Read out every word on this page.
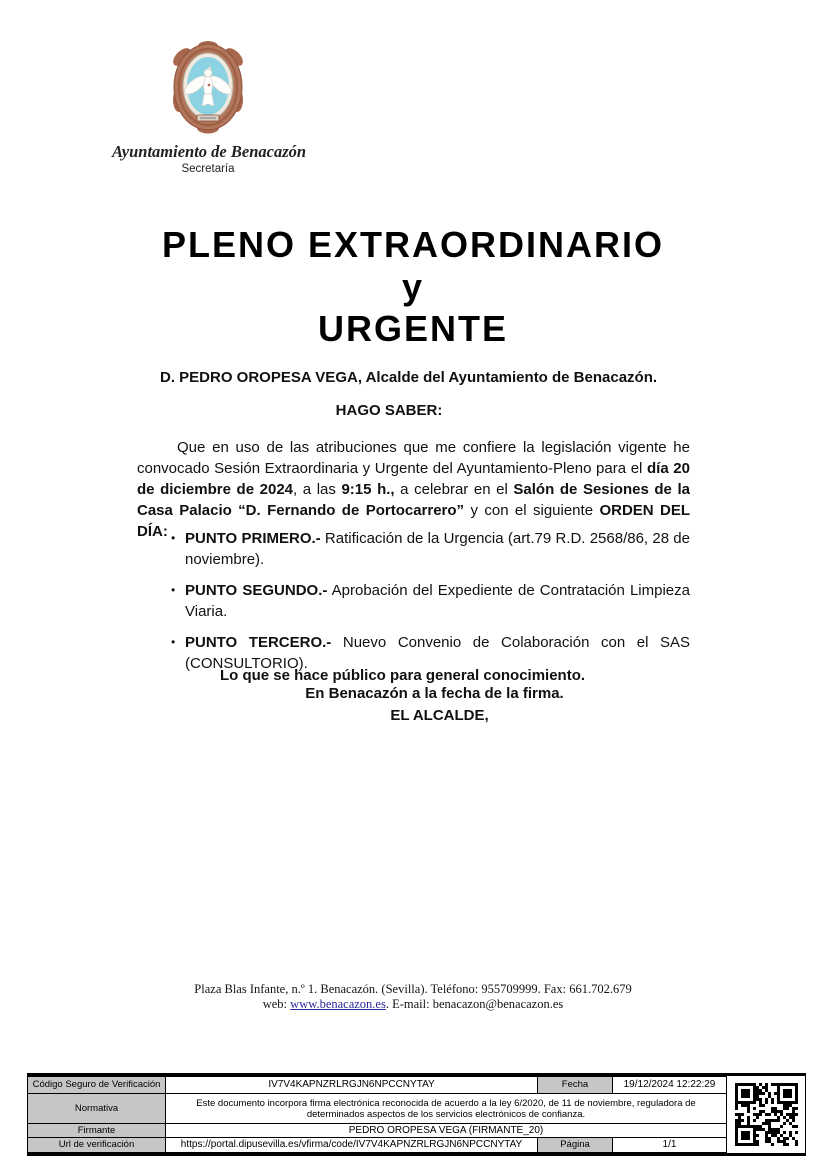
Ayuntamiento de Benacazón
Secretaría
PLENO EXTRAORDINARIO
y
URGENTE
D. PEDRO OROPESA VEGA, Alcalde del Ayuntamiento de Benacazón.
HAGO SABER:
Que en uso de las atribuciones que me confiere la legislación vigente he convocado Sesión Extraordinaria y Urgente del Ayuntamiento-Pleno para el día 20 de diciembre de 2024, a las 9:15 h., a celebrar en el Salón de Sesiones de la Casa Palacio “D. Fernando de Portocarrero” y con el siguiente ORDEN DEL DÍA: • PUNTO PRIMERO.- Ratificación de la Urgencia (art.79 R.D. 2568/86, 28 de noviembre).
• PUNTO SEGUNDO.- Aprobación del Expediente de Contratación Limpieza Viaria.
• PUNTO TERCERO.- Nuevo Convenio de Colaboración con el SAS (CONSULTORIO).
Lo que se hace público para general conocimiento.
En Benacazón a la fecha de la firma.
EL ALCALDE,
Plaza Blas Infante, n.º 1. Benacazón. (Sevilla). Teléfono: 955709999. Fax: 661.702.679
web: www.benacazon.es. E-mail: benacazon@benacazon.es
Código Seguro de Verificación	IV7V4KAPNZRLRGJN6NPCCNYTAY	Fecha	19/12/2024 12:22:29
Normativa	Este documento incorpora firma electrónica reconocida de acuerdo a la ley 6/2020, de 11 de noviembre, reguladora de determinados aspectos de los servicios electrónicos de confianza.		
Firmante	PEDRO OROPESA VEGA (FIRMANTE_20)		
Url de verificación	https://portal.dipusevilla.es/vfirma/code/IV7V4KAPNZRLRGJN6NPCCNYTAY	Página	1/1
